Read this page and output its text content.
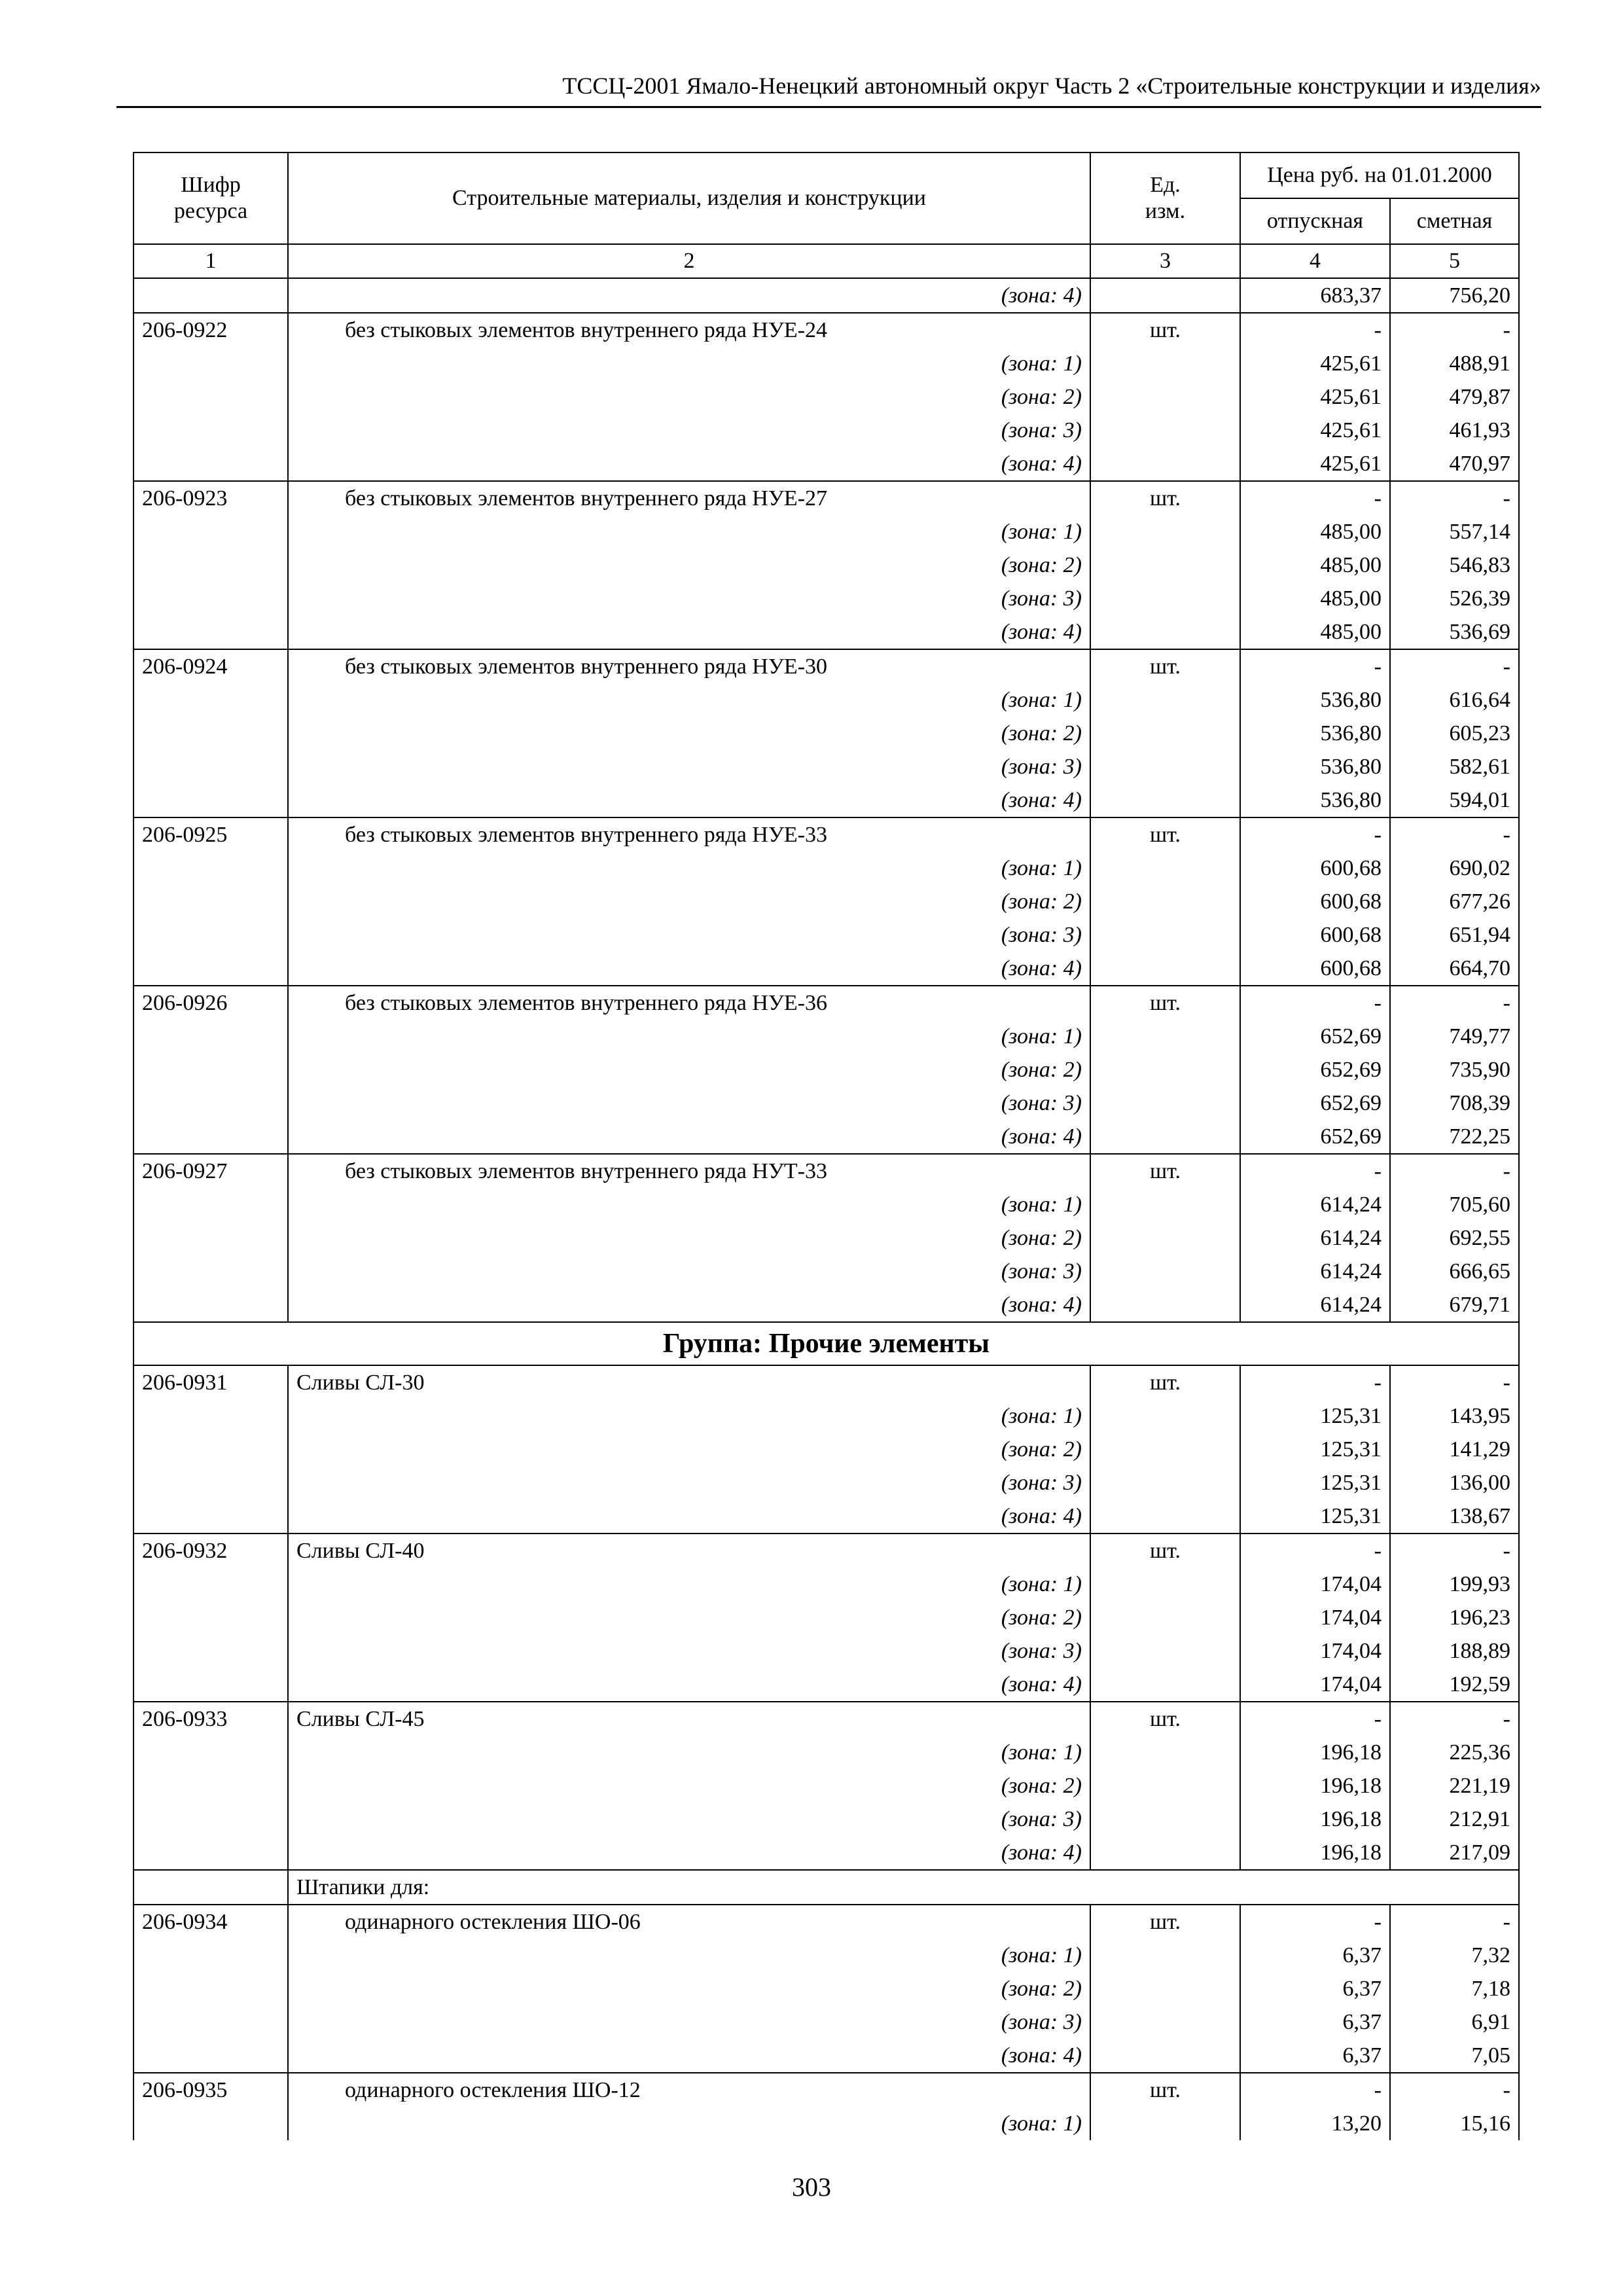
ТССЦ-2001 Ямало-Ненецкий автономный округ Часть 2 «Строительные конструкции и изделия»
Шифр ресурса	Строительные материалы, изделия и конструкции	Ед. изм.	Цена руб. на 01.01.2000	
			отпускная	сметная
1	2	3	4	5
	(зона: 4)		683,37	756,20
206-0922	без стыковых элементов внутреннего ряда НУЕ-24	шт.	-	-
	(зона: 1)		425,61	488,91
	(зона: 2)		425,61	479,87
	(зона: 3)		425,61	461,93
	(зона: 4)		425,61	470,97
206-0923	без стыковых элементов внутреннего ряда НУЕ-27	шт.	-	-
	(зона: 1)		485,00	557,14
	(зона: 2)		485,00	546,83
	(зона: 3)		485,00	526,39
	(зона: 4)		485,00	536,69
206-0924	без стыковых элементов внутреннего ряда НУЕ-30	шт.	-	-
	(зона: 1)		536,80	616,64
	(зона: 2)		536,80	605,23
	(зона: 3)		536,80	582,61
	(зона: 4)		536,80	594,01
206-0925	без стыковых элементов внутреннего ряда НУЕ-33	шт.	-	-
	(зона: 1)		600,68	690,02
	(зона: 2)		600,68	677,26
	(зона: 3)		600,68	651,94
	(зона: 4)		600,68	664,70
206-0926	без стыковых элементов внутреннего ряда НУЕ-36	шт.	-	-
	(зона: 1)		652,69	749,77
	(зона: 2)		652,69	735,90
	(зона: 3)		652,69	708,39
	(зона: 4)		652,69	722,25
206-0927	без стыковых элементов внутреннего ряда НУТ-33	шт.	-	-
	(зона: 1)		614,24	705,60
	(зона: 2)		614,24	692,55
	(зона: 3)		614,24	666,65
	(зона: 4)		614,24	679,71
Группа: Прочие элементы				
206-0931	Сливы СЛ-30	шт.	-	-
	(зона: 1)		125,31	143,95
	(зона: 2)		125,31	141,29
	(зона: 3)		125,31	136,00
	(зона: 4)		125,31	138,67
206-0932	Сливы СЛ-40	шт.	-	-
	(зона: 1)		174,04	199,93
	(зона: 2)		174,04	196,23
	(зона: 3)		174,04	188,89
	(зона: 4)		174,04	192,59
206-0933	Сливы СЛ-45	шт.	-	-
	(зона: 1)		196,18	225,36
	(зона: 2)		196,18	221,19
	(зона: 3)		196,18	212,91
	(зона: 4)		196,18	217,09
	Штапики для:			
206-0934	одинарного остекления ШО-06	шт.	-	-
	(зона: 1)		6,37	7,32
	(зона: 2)		6,37	7,18
	(зона: 3)		6,37	6,91
	(зона: 4)		6,37	7,05
206-0935	одинарного остекления ШО-12	шт.	-	-
	(зона: 1)		13,20	15,16
303
